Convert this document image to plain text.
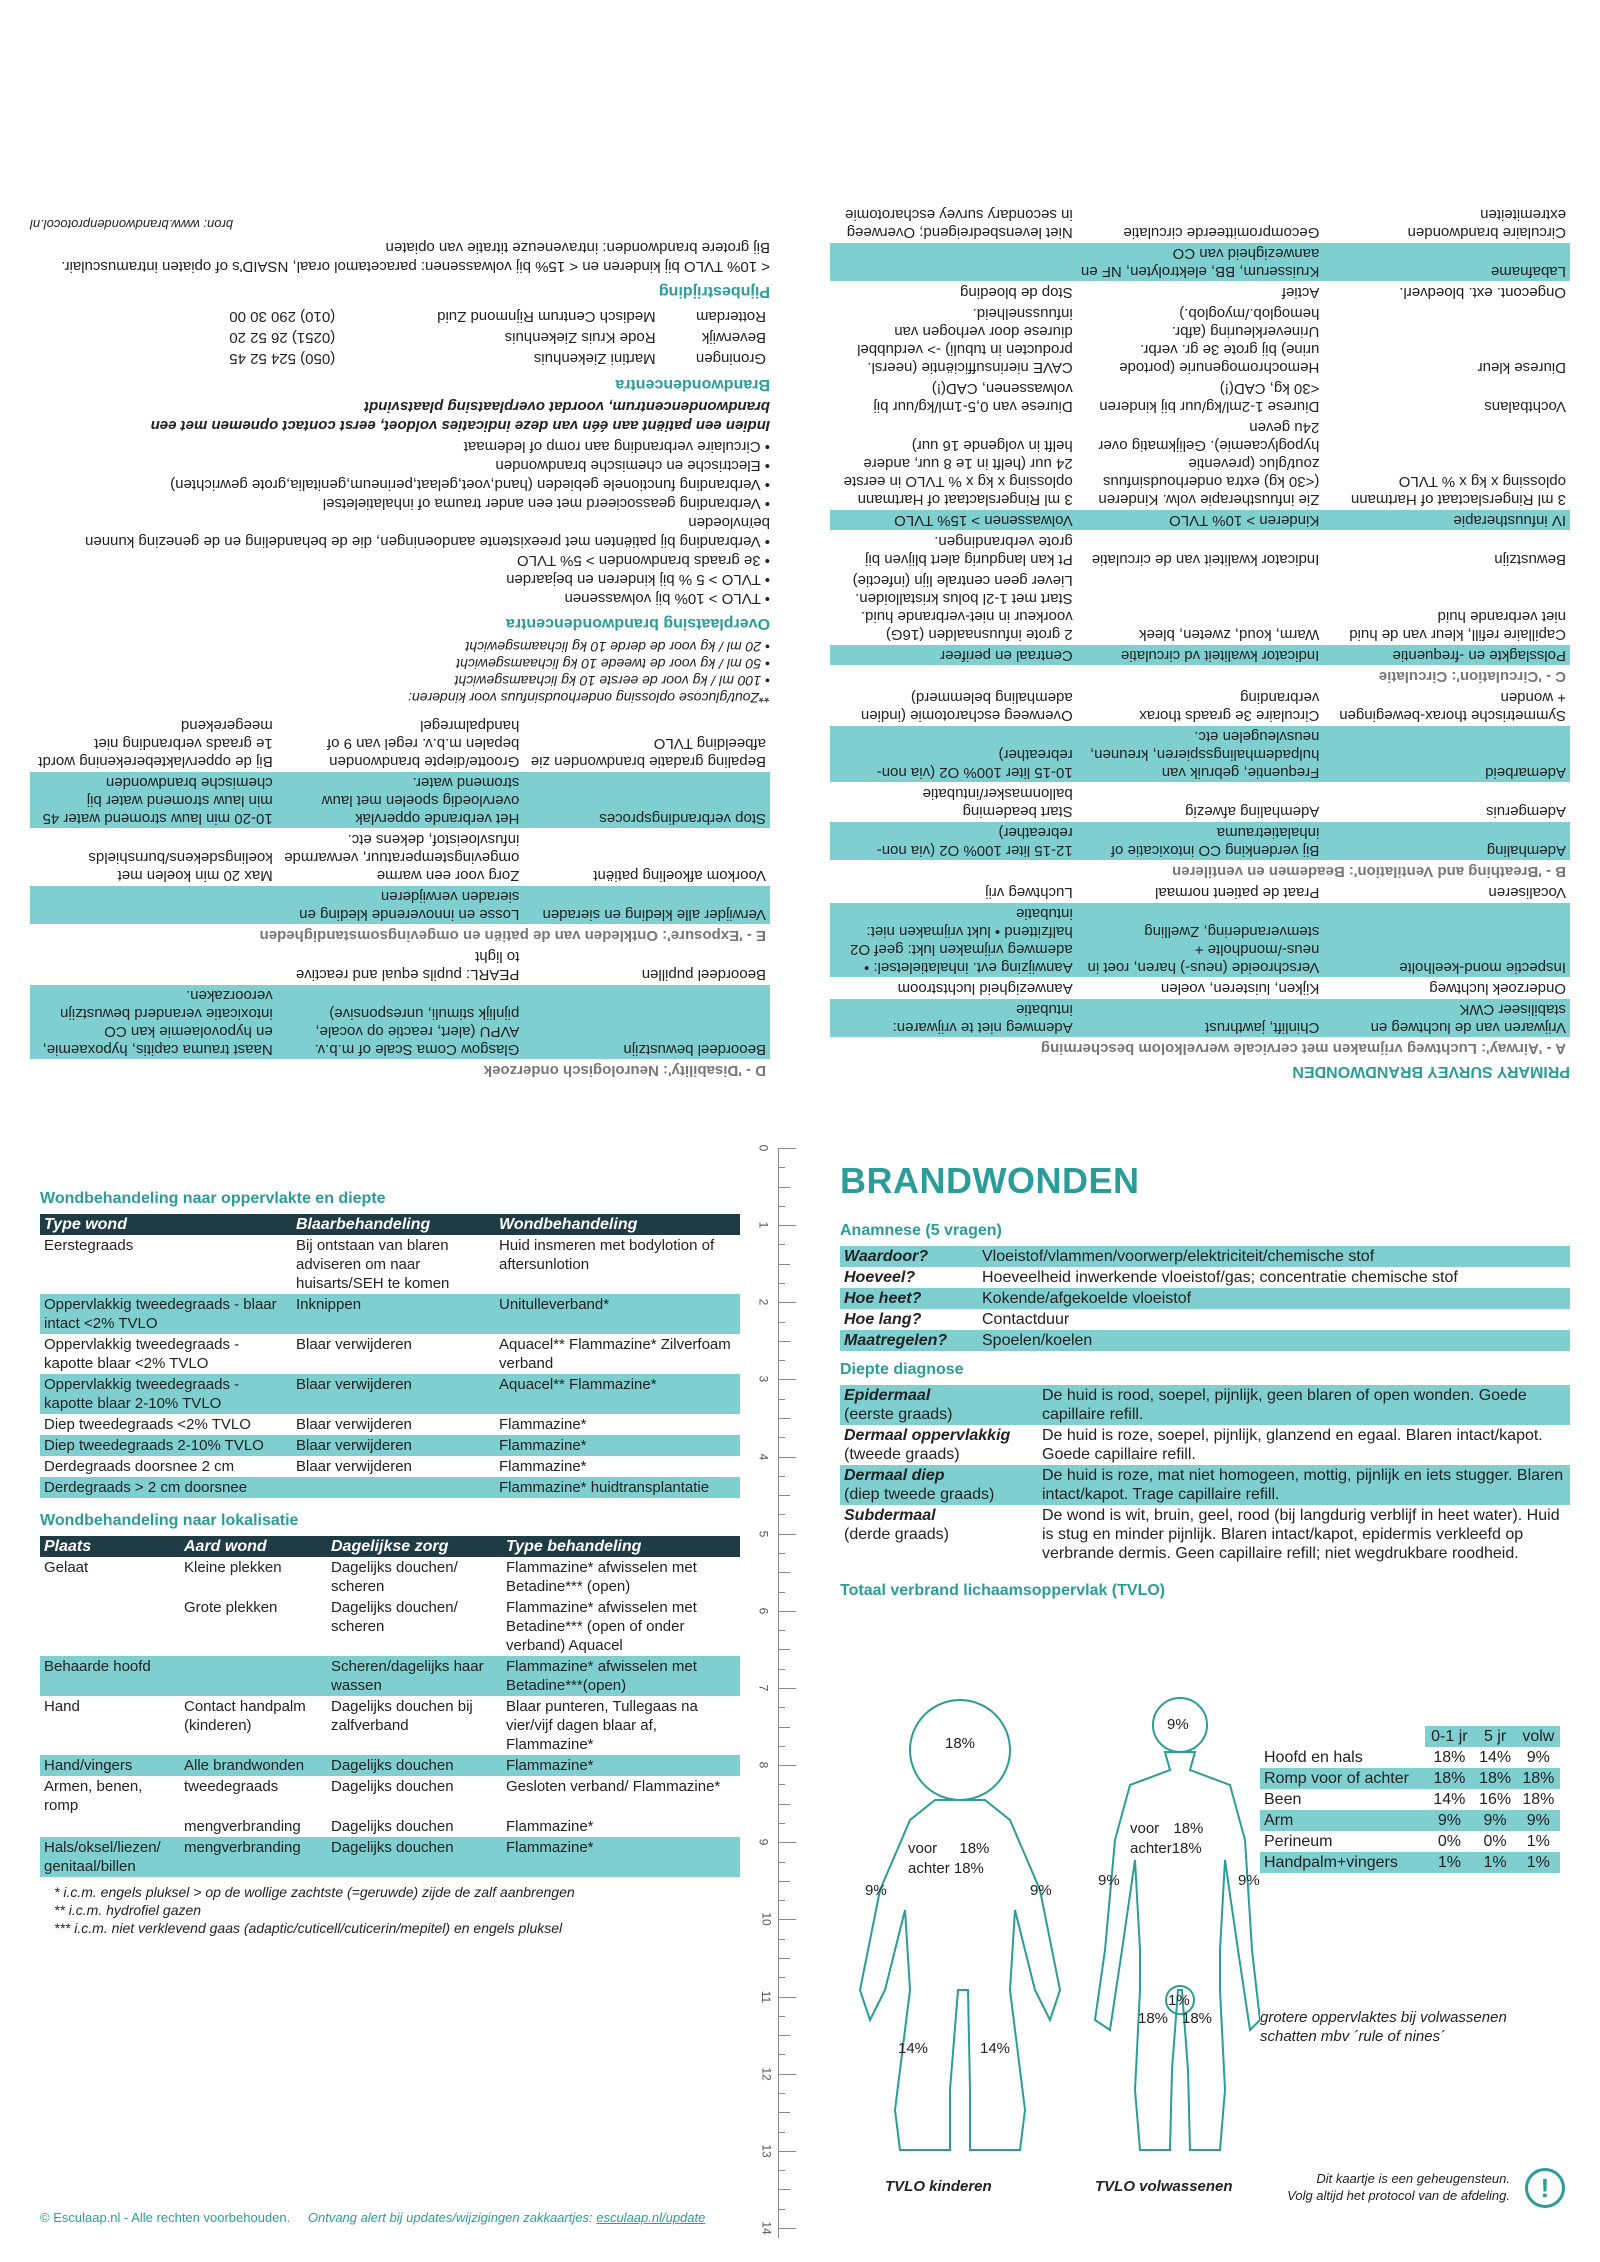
PRIMARY SURVEY BRANDWONDEN
A - 'Airway': Luchtweg vrijmaken met cervicale wervelkolom bescherming		
Vrijwaren van de luchtweg en stabiliseer CWK	Chinlift, jawthrust	Ademweg niet te vrijwaren: intubatie
Onderzoek luchtweg	Kijken, luisteren, voelen	Aanwezigheid luchtstroom
Inspectie mond-keelholte	Verschroeide (neus-) haren, roet in neus-/mondholte + stemverandering, Zwelling	Aanwijzing evt. inhalatieletsel: • ademweg vrijmaken lukt: geef O2 halfzittend • lukt vrijmaken niet: intubatie
Vocaliseren	Praat de patient normaal	Luchtweg vrij
B - 'Breathing and Ventilation': Beademen en ventileren		
Ademhaling	Bij verdenking CO intoxicatie of inhalatietrauma	12-15 liter 100% O2 (via non-rebreather)
Ademgeruis	Ademhaling afwezig	Start beademing ballonmasker/intubatie
Ademarbeid	Frequentie, gebruik van hulpademhalingsspieren, kreunen, neusvleugelen etc.	10-15 liter 100% O2 (via non-rebreather)
Symmetrische thorax-bewegingen + wonden	Circulaire 3e graads thorax verbranding	Overweeg escharotomie (indien ademhaling belemmerd)
C - 'Circulation': Circulatie		
Polsslagkte en -frequentie	Indicator kwaliteit vd circulatie	Centraal en perifeer
Capillaire refill, kleur van de huid niet verbrande huid	Warm, koud, zweten, bleek	2 grote infuusnaalden (16G) voorkeur in niet-verbrande huid. Start met 1-2l bolus kristalloiden. Liever geen centrale lijn (infectie)
Bewustzijn	Indicator kwaliteit van de circulatie	Pt kan langdurig alert blijven bij grote verbrandingen.
IV infuustherapie	Kinderen > 10% TVLO	Volwassenen > 15% TVLO
3 ml Ringerslactaat of Hartmann oplossing x kg x % TVLO	Zie infuustherapie volw. Kinderen (<30 kg) extra onderhoudsinfuus zout/gluc (preventie hypoglycaemie). Gelijkmatig over 24u geven	3 ml Ringerslactaat of Hartmann oplossing x kg x % TVLO in eerste 24 uur (helft in 1e 8 uur, andere helft in volgende 16 uur)
Vochtbalans	Diurese 1-2ml/kg/uur bij kinderen <30 kg, CAD(!)	Diurese van 0,5-1ml/kg/uur bij volwassenen, CAD(!)
Diurese kleur	Hemochromogenurie (portode urine) bij grote 3e gr. verbr. Urineverkleuring (afbr. hemoglob./myoglob.)	CAVE nierinsufficiëntie (neersl. producten in tubuli) -> verdubbel diurese door verhogen van infuussnelheid.
Ongecont. ext. bloedverl.	Actief	Stop de bloeding
Labafname	Kruisserum, BB, elektrolyten, NF en aanwezigheid van CO	
Circulaire brandwonden extremiteiten	Gecompromitteerde circulatie	Niet levensbedreigend; Overweeg in secondary survey escharotomie
D - 'Disability': Neurologisch onderzoek		
Beoordeel bewustzijn	Glasgow Coma Scale of m.b.v. AVPU (alert, reactie op vocale, pijnlijk stimuli, unresponsive)	Naast trauma capitis, hypoxaemie, en hypovolaemie kan CO intoxicatie veranderd bewustzijn veroorzaken.
Beoordeel pupillen	PEARL: pupils equal and reactive to light	
E - 'Exposure': Ontkleden van de patiën en omgevingsomstandigheden		
Verwijder alle kleding en sieraden	Losse en innoverende kleding en sieraden verwijderen	
Voorkom afkoeling patiënt	Zorg voor een warme omgevingstemperatuur, verwarmde infusvloeistof, dekens etc.	Max 20 min koelen met koelingsdekens/burnshields
Stop verbrandingsproces	Het verbrande oppervlak overvloedig spoelen met lauw stromend water.	10-20 min lauw stromend water 45 min lauw stromend water bij chemische brandwonden
Bepaling gradatie brandwonden zie afbeelding TVLO	Grootte/diepte brandwonden bepalen m.b.v. regel van 9 of handpalmregel	Bij de oppervlakteberekening wordt 1e graads verbranding niet meegerekend
**Zout/glucose oplossing onderhoudsinfuus voor kinderen:
• 100 ml / kg voor de eerste 10 kg lichaamsgewicht
• 50 ml / kg voor de tweede 10 kg lichaamsgewicht
• 20 ml / kg voor de derde 10 kg lichaamsgewicht
Overplaatsing brandwondencentra
• TVLO > 10% bij volwassenen
• TVLO > 5 % bij kinderen en bejaarden
• 3e graads brandwonden > 5% TVLO
• Verbranding bij patiënten met preexistente aandoeningen, die de behandeling en de genezing kunnen beïnvloeden
• Verbranding geassocieerd met een ander trauma of inhalatieletsel
• Verbranding functionele gebieden (hand,voet,gelaat,perineum,genitalia,grote gewrichten)
• Electrische en chemische brandwonden
• Circulaire verbranding aan romp of ledemaat
Indien een patiënt aan één van deze indicaties voldoet, eerst contact opnemen met een brandwondencentrum, voordat overplaatsing plaatsvindt
Brandwondencentra
Groningen	Martini Ziekenhuis	(050) 524 52 45
Beverwijk	Rode Kruis Ziekenhuis	(0251) 26 52 20
Rotterdam	Medisch Centrum Rijnmond Zuid	(010) 290 30 00
Pijnbestrijding
< 10% TVLO bij kinderen en < 15% bij volwassenen: paracetamol oraal, NSAID's of opiaten intramusculair.
Bij grotere brandwonden: intraveneuze titratie van opiaten
bron: www.brandwondenprotocol.nl
0
1
2
3
4
5
6
7
8
9
10
11
12
13
14
Wondbehandeling naar oppervlakte en diepte
Type wond	Blaarbehandeling	Wondbehandeling
Eerstegraads	Bij ontstaan van blaren adviseren om naar huisarts/SEH te komen	Huid insmeren met bodylotion of aftersunlotion
Oppervlakkig tweedegraads - blaar intact <2% TVLO	Inknippen	Unitulleverband*
Oppervlakkig tweedegraads - kapotte blaar <2% TVLO	Blaar verwijderen	Aquacel** Flammazine* Zilverfoam verband
Oppervlakkig tweedegraads - kapotte blaar 2-10% TVLO	Blaar verwijderen	Aquacel** Flammazine*
Diep tweedegraads <2% TVLO	Blaar verwijderen	Flammazine*
Diep tweedegraads 2-10% TVLO	Blaar verwijderen	Flammazine*
Derdegraads doorsnee 2 cm	Blaar verwijderen	Flammazine*
Derdegraads > 2 cm doorsnee		Flammazine* huidtransplantatie
Wondbehandeling naar lokalisatie
Plaats	Aard wond	Dagelijkse zorg	Type behandeling
Gelaat	Kleine plekken	Dagelijks douchen/ scheren	Flammazine* afwisselen met Betadine*** (open)
	Grote plekken	Dagelijks douchen/ scheren	Flammazine* afwisselen met Betadine*** (open of onder verband) Aquacel
Behaarde hoofd		Scheren/dagelijks haar wassen	Flammazine* afwisselen met Betadine***(open)
Hand	Contact handpalm (kinderen)	Dagelijks douchen bij zalfverband	Blaar punteren, Tullegaas na vier/vijf dagen blaar af, Flammazine*
Hand/vingers	Alle brandwonden	Dagelijks douchen	Flammazine*
Armen, benen, romp	tweedegraads	Dagelijks douchen	Gesloten verband/ Flammazine*
	mengverbranding	Dagelijks douchen	Flammazine*
Hals/oksel/liezen/ genitaal/billen	mengverbranding	Dagelijks douchen	Flammazine*
* i.c.m. engels pluksel > op de wollige zachtste (=geruwde) zijde de zalf aanbrengen
** i.c.m. hydrofiel gazen
*** i.c.m. niet verklevend gaas (adaptic/cuticell/cuticerin/mepitel) en engels pluksel
© Esculaap.nl - Alle rechten voorbehouden. Ontvang alert bij updates/wijzigingen zakkaartjes: esculaap.nl/update
BRANDWONDEN
Anamnese (5 vragen)
Waardoor?	Vloeistof/vlammen/voorwerp/elektriciteit/chemische stof
Hoeveel?	Hoeveelheid inwerkende vloeistof/gas; concentratie chemische stof
Hoe heet?	Kokende/afgekoelde vloeistof
Hoe lang?	Contactduur
Maatregelen?	Spoelen/koelen
Diepte diagnose
Epidermaal
(eerste graads)	De huid is rood, soepel, pijnlijk, geen blaren of open wonden. Goede capillaire refill.

Dermaal oppervlakkig
(tweede graads)	De huid is roze, soepel, pijnlijk, glanzend en egaal. Blaren intact/kapot. Goede capillaire refill.

Dermaal diep
(diep tweede graads)	De huid is roze, mat niet homogeen, mottig, pijnlijk en iets stugger. Blaren intact/kapot. Trage capillaire refill.

Subdermaal
(derde graads)	De wond is wit, bruin, geel, rood (bij langdurig verblijf in heet water). Huid is stug en minder pijnlijk. Blaren intact/kapot, epidermis verkleefd op verbrande dermis. Geen capillaire refill; niet wegdrukbare roodheid.
Totaal verbrand lichaamsoppervlak (TVLO)
18%
voor 18%
achter 18%
9%	9%
14%	14%
9%
voor 18%
achter18%
9%	9%
1%
18% 18%
TVLO kinderen	TVLO volwassenen
	0-1 jr	5 jr	volw
Hoofd en hals	18%	14%	9%
Romp voor of achter	18%	18%	18%
Been	14%	16%	18%
Arm	9%	9%	9%
Perineum	0%	0%	1%
Handpalm+vingers	1%	1%	1%
grotere oppervlaktes bij volwassenen schatten mbv ´rule of nines´
Dit kaartje is een geheugensteun.
Volg altijd het protocol van de afdeling.	!
